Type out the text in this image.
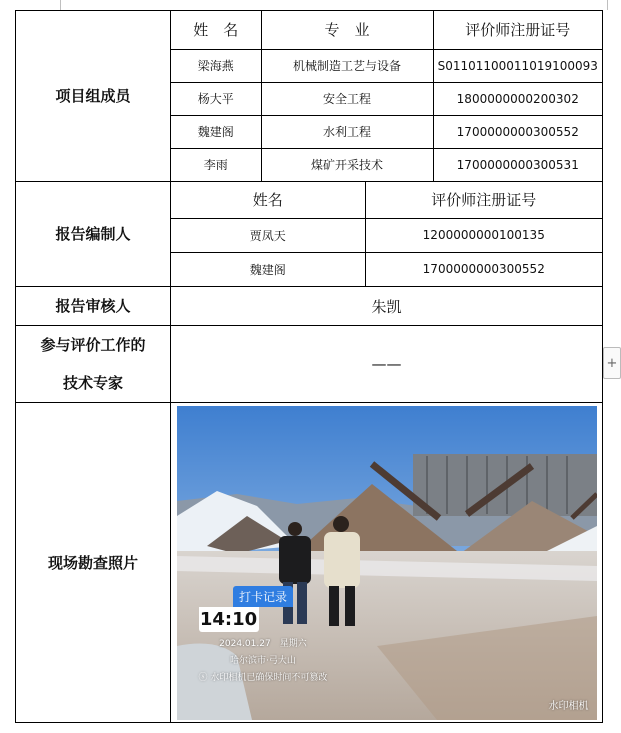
项目组成员	
姓　名	专　业	评价师注册证号
梁海燕	机械制造工艺与设备	S01101100011019100093
杨大平	安全工程	1800000000200302
魏建阁	水利工程	1700000000300552
李雨	煤矿开采技术	1700000000300531

报告编制人	
姓名	评价师注册证号
贾凤天	1200000000100135
魏建阁	1700000000300552

报告审核人	朱凯

参与评价工作的
技术专家
	——
现场勘查照片	
打卡记录
14:10
2024.01.27　星期六
哈尔滨市·弓大山
ⓢ 水印相机已确保时间不可篡改
水印相机
+
